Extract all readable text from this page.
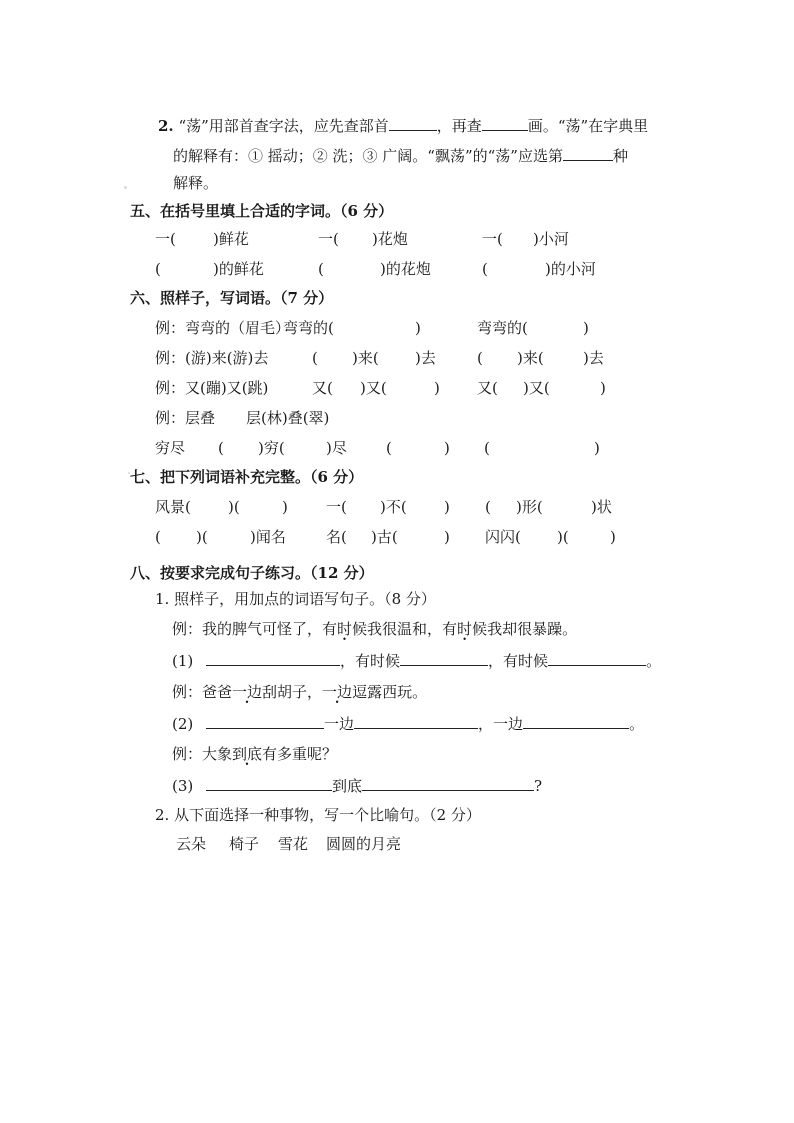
2. “荡”用部首查字法，应先查部首	，再查	画。“荡”在字典里
的解释有：① 摇动；② 洗；③ 广阔。“飘荡”的“荡”应选第	种
解释。
五、在括号里填上合适的字词。（6 分）
一( )鲜花	一( )花炮	一( )小河
(	)的鲜花	(	)的花炮	(	)的小河
六、照样子，写词语。（7 分）
例：弯弯的（眉毛）
弯弯的(	)	弯弯的(	)
例：(游)来(游)去	( )来( )去	( )来(	)去
例：又(蹦)又(跳)	又( )又(	) 又( )又(	)
例：层叠 层(林)叠(翠)
穷尽 ( )穷(	)尽	(	) (	)
七、把下列词语补充完整。（6 分）
风景( )(	)	一( )不( ) ( )形(	)状
( )(	)闻名	名( )古(	) 闪闪( )(	)
八、按要求完成句子练习。（12 分）
1. 照样子，用加点的词语写句子。（8 分）
例：我的脾气可怪了，有时候我很温和，有时候我却很暴躁。
(1)	，有时候	，有时候	。
例：爸爸一边刮胡子，一边逗露西玩。
(2)	一边	，一边	。
例：大象到底有多重呢？
(3)	到底	?
2. 从下面选择一种事物，写一个比喻句。（2 分）
云朵 椅子 雪花 圆圆的月亮
